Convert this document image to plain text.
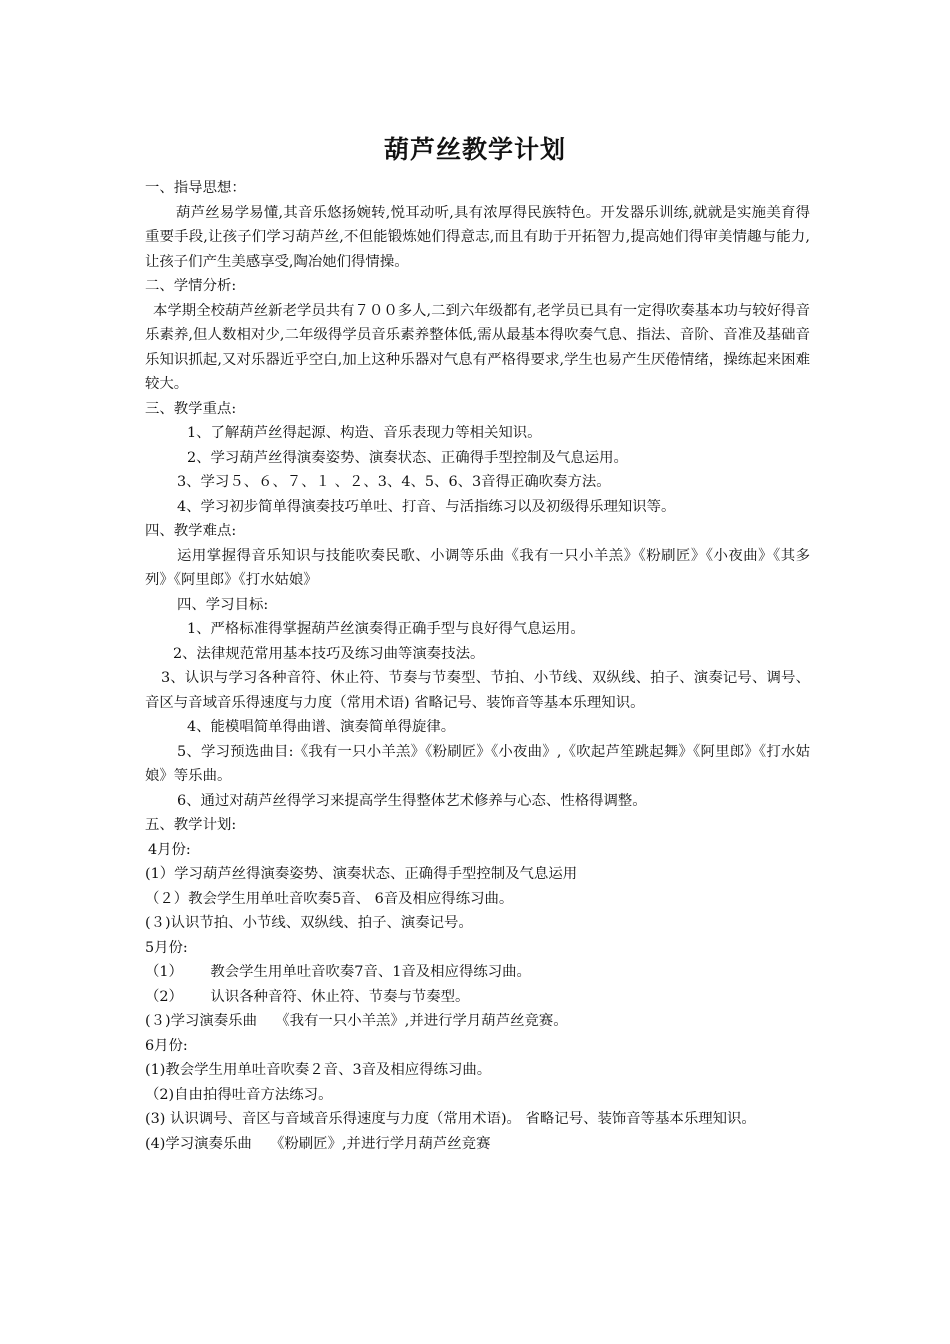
葫芦丝教学计划

一、指导思想：

葫芦丝易学易懂,其音乐悠扬婉转,悦耳动听,具有浓厚得民族特色。开发器乐训练,就就是实施美育得重要手段,让孩子们学习葫芦丝,不但能锻炼她们得意志,而且有助于开拓智力,提高她们得审美情趣与能力,让孩子们产生美感享受,陶冶她们得情操。

二、学情分析:

本学期全校葫芦丝新老学员共有７００多人,二到六年级都有,老学员已具有一定得吹奏基本功与较好得音乐素养,但人数相对少,二年级得学员音乐素养整体低,需从最基本得吹奏气息、指法、音阶、音准及基础音乐知识抓起,又对乐器近乎空白,加上这种乐器对气息有严格得要求,学生也易产生厌倦情绪，操练起来困难较大。

三、教学重点:

1、了解葫芦丝得起源、构造、音乐表现力等相关知识。

2、学习葫芦丝得演奏姿势、演奏状态、正确得手型控制及气息运用。

3、学习５、６、７、１ 、２、3、4、5、6、3音得正确吹奏方法。

4、学习初步简单得演奏技巧单吐、打音、与活指练习以及初级得乐理知识等。

四、教学难点:

运用掌握得音乐知识与技能吹奏民歌、小调等乐曲《我有一只小羊羔》《粉刷匠》《小夜曲》《其多列》《阿里郎》《打水姑娘》

四、学习目标:

1、严格标准得掌握葫芦丝演奏得正确手型与良好得气息运用。

2、法律规范常用基本技巧及练习曲等演奏技法。

3、认识与学习各种音符、休止符、节奏与节奏型、节拍、小节线、双纵线、拍子、演奏记号、调号、音区与音域音乐得速度与力度（常用术语) 省略记号、装饰音等基本乐理知识。

4、能模唱简单得曲谱、演奏简单得旋律。

5、学习预选曲目:《我有一只小羊羔》《粉刷匠》《小夜曲》,《吹起芦笙跳起舞》《阿里郎》《打水姑娘》等乐曲。

6、通过对葫芦丝得学习来提高学生得整体艺术修养与心态、性格得调整。

五、教学计划:

4月份:

(1）学习葫芦丝得演奏姿势、演奏状态、正确得手型控制及气息运用

（２）教会学生用单吐音吹奏5音、 6音及相应得练习曲。

(３)认识节拍、小节线、双纵线、拍子、演奏记号。

5月份:

（1）      教会学生用单吐音吹奏7音、1音及相应得练习曲。

（2）      认识各种音符、休止符、节奏与节奏型。

(３)学习演奏乐曲    《我有一只小羊羔》,并进行学月葫芦丝竞赛。

6月份:

(1)教会学生用单吐音吹奏２音、3音及相应得练习曲。

（2)自由拍得吐音方法练习。

(3) 认识调号、音区与音域音乐得速度与力度（常用术语)。 省略记号、装饰音等基本乐理知识。

(4)学习演奏乐曲    《粉刷匠》,并进行学月葫芦丝竞赛
